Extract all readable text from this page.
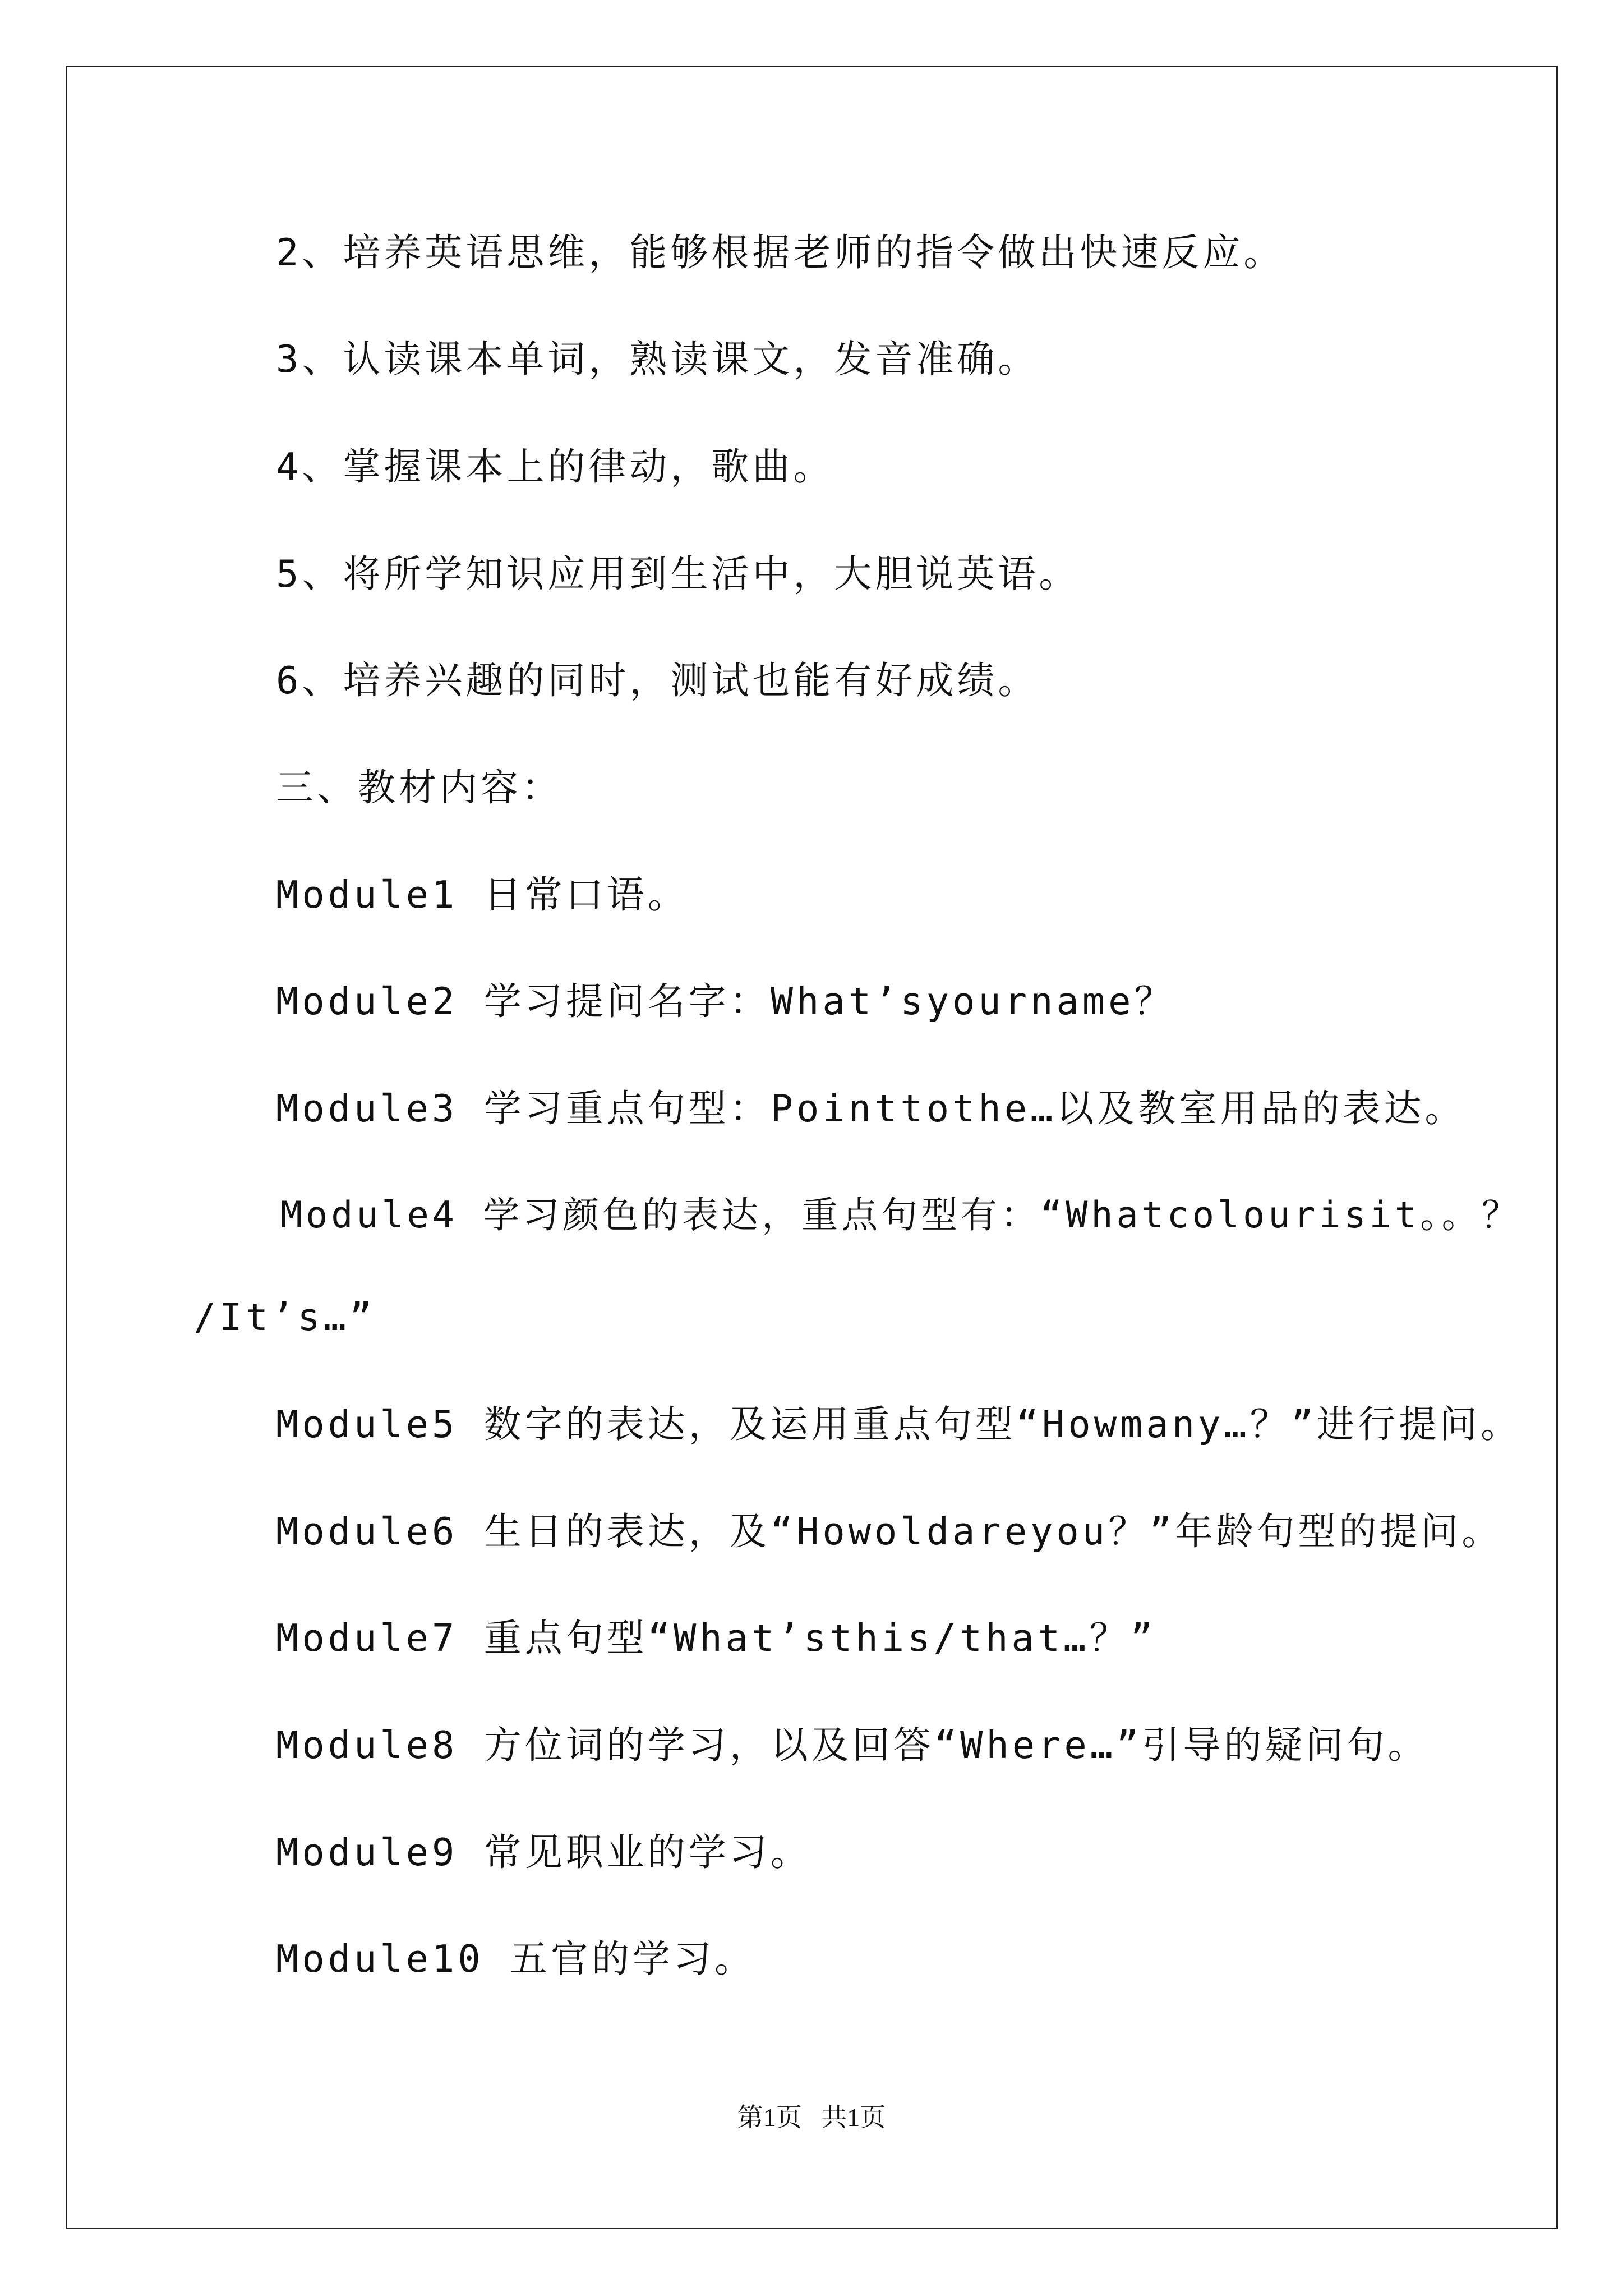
2、培养英语思维，能够根据老师的指令做出快速反应。
3、认读课本单词，熟读课文，发音准确。
4、掌握课本上的律动，歌曲。
5、将所学知识应用到生活中，大胆说英语。
6、培养兴趣的同时，测试也能有好成绩。
三、教材内容：
Module1 日常口语。
Module2 学习提问名字：What’syourname？
Module3 学习重点句型：Pointtothe…以及教室用品的表达。
Module4 学习颜色的表达，重点句型有：“Whatcolourisit。。？
/It’s…”
Module5 数字的表达，及运用重点句型“Howmany…？”进行提问。
Module6 生日的表达，及“Howoldareyou？”年龄句型的提问。
Module7 重点句型“What’sthis/that…？”
Module8 方位词的学习，以及回答“Where…”引导的疑问句。
Module9 常见职业的学习。
Module10 五官的学习。
第1页   共1页
